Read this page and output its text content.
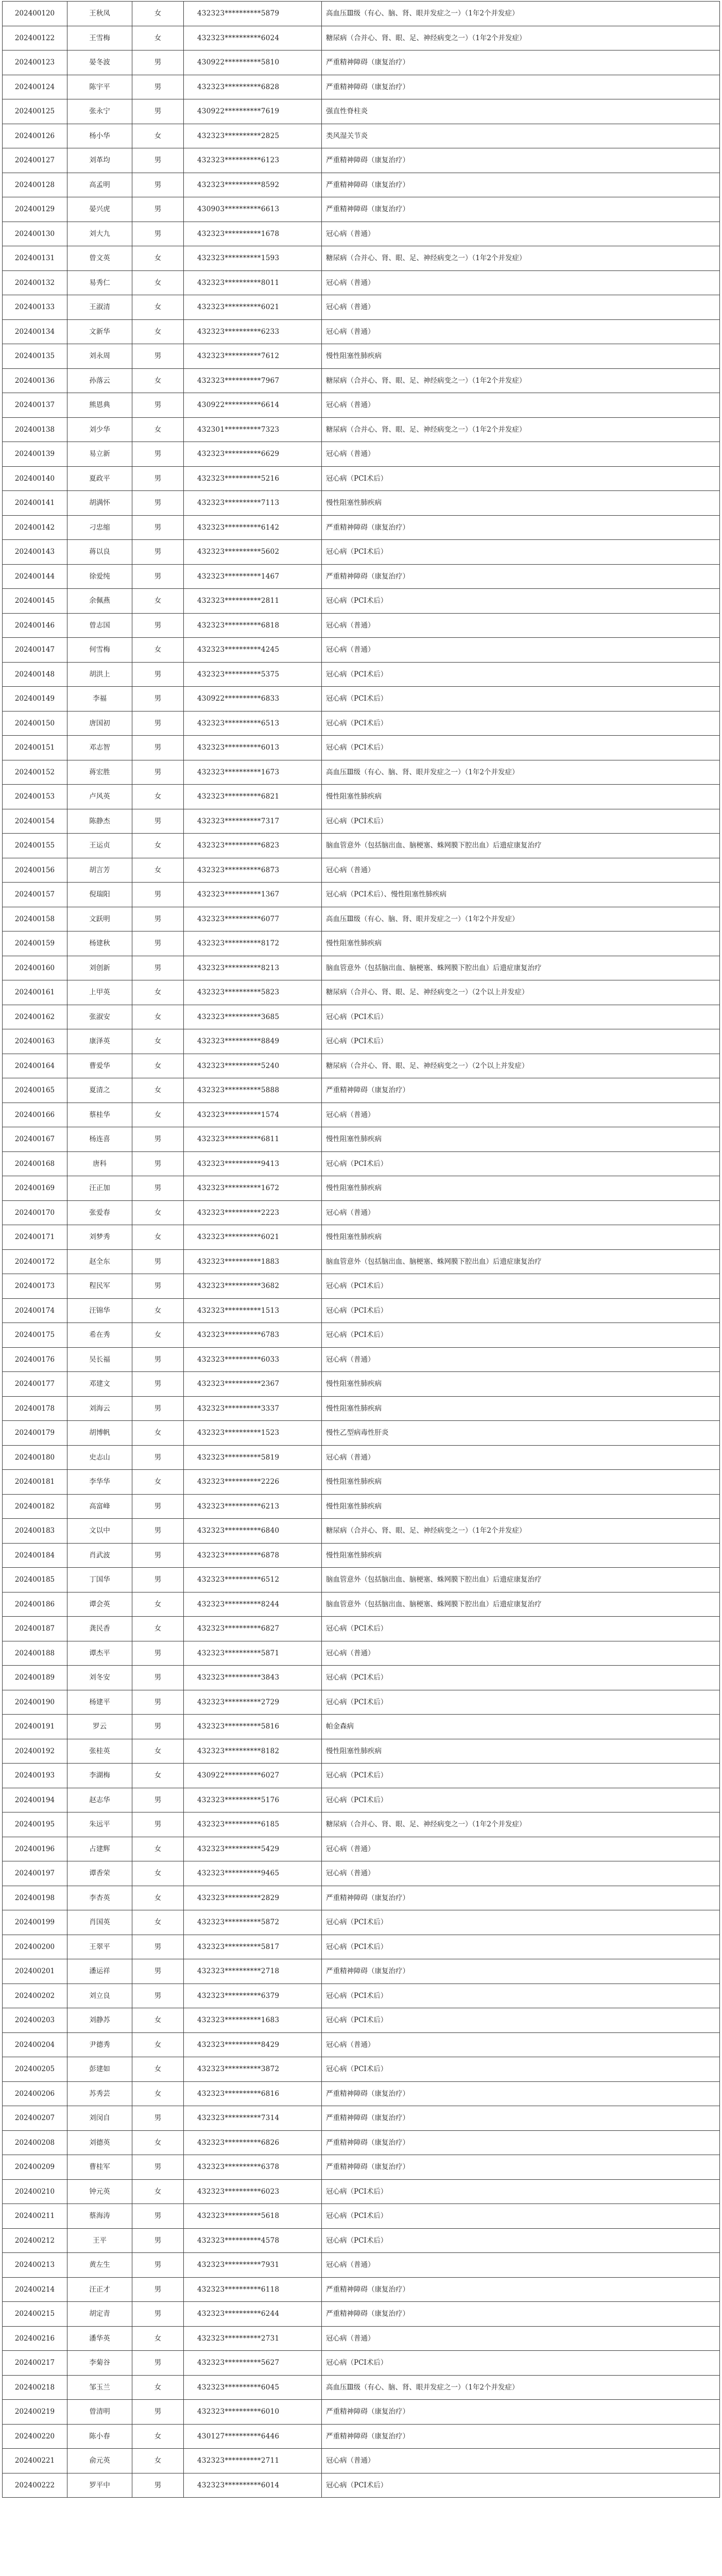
202400120	王秋凤	女	432323**********5879	高血压Ⅲ级（有心、脑、肾、眼并发症之一）（1年2个并发症）
202400122	王雪梅	女	432323**********6024	糖尿病（合并心、肾、眼、足、神经病变之一）（1年2个并发症）
202400123	晏冬波	男	430922**********5810	严重精神障碍（康复治疗）
202400124	陈宇平	男	432323**********6828	严重精神障碍（康复治疗）
202400125	张永宁	男	430922**********7619	强直性脊柱炎
202400126	杨小华	女	432323**********2825	类风湿关节炎
202400127	刘革均	男	432323**********6123	严重精神障碍（康复治疗）
202400128	高孟明	男	432323**********8592	严重精神障碍（康复治疗）
202400129	晏兴虎	男	430903**********6613	严重精神障碍（康复治疗）
202400130	刘大九	男	432323**********1678	冠心病（普通）
202400131	曾文英	女	432323**********1593	糖尿病（合并心、肾、眼、足、神经病变之一）（1年2个并发症）
202400132	易秀仁	女	432323**********8011	冠心病（普通）
202400133	王淑清	女	432323**********6021	冠心病（普通）
202400134	文新华	女	432323**********6233	冠心病（普通）
202400135	刘永周	男	432323**********7612	慢性阻塞性肺疾病
202400136	孙落云	女	432323**********7967	糖尿病（合并心、肾、眼、足、神经病变之一）（1年2个并发症）
202400137	熊恩典	男	430922**********6614	冠心病（普通）
202400138	刘少华	女	432301**********7323	糖尿病（合并心、肾、眼、足、神经病变之一）（1年2个并发症）
202400139	易立新	男	432323**********6629	冠心病（普通）
202400140	夏政平	男	432323**********5216	冠心病（PCI术后）
202400141	胡满怀	男	432323**********7113	慢性阻塞性肺疾病
202400142	刁忠缩	男	432323**********6142	严重精神障碍（康复治疗）
202400143	蒋以良	男	432323**********5602	冠心病（PCI术后）
202400144	徐爱纯	男	432323**********1467	严重精神障碍（康复治疗）
202400145	余佩燕	女	432323**********2811	冠心病（PCI术后）
202400146	曾志国	男	432323**********6818	冠心病（普通）
202400147	何雪梅	女	432323**********4245	冠心病（普通）
202400148	胡洪上	男	432323**********5375	冠心病（PCI术后）
202400149	李福	男	430922**********6833	冠心病（PCI术后）
202400150	唐国初	男	432323**********6513	冠心病（PCI术后）
202400151	邓志智	男	432323**********6013	冠心病（PCI术后）
202400152	蒋宏胜	男	432323**********1673	高血压Ⅲ级（有心、脑、肾、眼并发症之一）（1年2个并发症）
202400153	卢风英	女	432323**********6821	慢性阻塞性肺疾病
202400154	陈静杰	男	432323**********7317	冠心病（PCI术后）
202400155	王运贞	女	432323**********6823	脑血管意外（包括脑出血、脑梗塞、蛛网膜下腔出血）后遗症康复治疗
202400156	胡言芳	女	432323**********6873	冠心病（普通）
202400157	倪瑞阳	男	432323**********1367	冠心病（PCI术后）、慢性阻塞性肺疾病
202400158	文跃明	男	432323**********6077	高血压Ⅲ级（有心、脑、肾、眼并发症之一）（1年2个并发症）
202400159	杨建秋	男	432323**********8172	慢性阻塞性肺疾病
202400160	刘创新	男	432323**********8213	脑血管意外（包括脑出血、脑梗塞、蛛网膜下腔出血）后遗症康复治疗
202400161	上甲英	女	432323**********5823	糖尿病（合并心、肾、眼、足、神经病变之一）（2个以上并发症）
202400162	张淑安	女	432323**********3685	冠心病（PCI术后）
202400163	康泽英	女	432323**********8849	冠心病（PCI术后）
202400164	曹爱华	女	432323**********5240	糖尿病（合并心、肾、眼、足、神经病变之一）（2个以上并发症）
202400165	夏清之	女	432323**********5888	严重精神障碍（康复治疗）
202400166	蔡桂华	女	432323**********1574	冠心病（普通）
202400167	杨连喜	男	432323**********6811	慢性阻塞性肺疾病
202400168	唐科	男	432323**********9413	冠心病（PCI术后）
202400169	汪正加	男	432323**********1672	慢性阻塞性肺疾病
202400170	张爱春	女	432323**********2223	冠心病（普通）
202400171	刘梦秀	女	432323**********6021	慢性阻塞性肺疾病
202400172	赵全东	男	432323**********1883	脑血管意外（包括脑出血、脑梗塞、蛛网膜下腔出血）后遗症康复治疗
202400173	程民军	男	432323**********3682	冠心病（PCI术后）
202400174	汪锦华	女	432323**********1513	冠心病（PCI术后）
202400175	希在秀	女	432323**********6783	冠心病（PCI术后）
202400176	吴长福	男	432323**********6033	冠心病（普通）
202400177	邓建文	男	432323**********2367	慢性阻塞性肺疾病
202400178	刘海云	男	432323**********3337	慢性阻塞性肺疾病
202400179	胡博帆	女	432323**********1523	慢性乙型病毒性肝炎
202400180	史志山	男	432323**********5819	冠心病（普通）
202400181	李华华	女	432323**********2226	慢性阻塞性肺疾病
202400182	高富峰	男	432323**********6213	慢性阻塞性肺疾病
202400183	文以中	男	432323**********6840	糖尿病（合并心、肾、眼、足、神经病变之一）（1年2个并发症）
202400184	肖武波	男	432323**********6878	慢性阻塞性肺疾病
202400185	丁国华	男	432323**********6512	脑血管意外（包括脑出血、脑梗塞、蛛网膜下腔出血）后遗症康复治疗
202400186	谭会英	女	432323**********8244	脑血管意外（包括脑出血、脑梗塞、蛛网膜下腔出血）后遗症康复治疗
202400187	龚民香	女	432323**********6827	冠心病（PCI术后）
202400188	谭杰平	男	432323**********5871	冠心病（普通）
202400189	刘冬安	男	432323**********3843	冠心病（PCI术后）
202400190	杨建平	男	432323**********2729	冠心病（PCI术后）
202400191	罗云	男	432323**********5816	帕金森病
202400192	张桂英	女	432323**********8182	慢性阻塞性肺疾病
202400193	李湖梅	女	430922**********6027	冠心病（PCI术后）
202400194	赵志华	男	432323**********5176	冠心病（PCI术后）
202400195	朱远平	男	432323**********6185	糖尿病（合并心、肾、眼、足、神经病变之一）（1年2个并发症）
202400196	占建辉	女	432323**********5429	冠心病（普通）
202400197	谭香荣	女	432323**********9465	冠心病（普通）
202400198	李杏英	女	432323**********2829	严重精神障碍（康复治疗）
202400199	肖国英	女	432323**********5872	冠心病（PCI术后）
202400200	王翠平	男	432323**********5817	冠心病（PCI术后）
202400201	潘运祥	男	432323**********2718	严重精神障碍（康复治疗）
202400202	刘立良	男	432323**********6379	冠心病（PCI术后）
202400203	刘静苏	女	432323**********1683	冠心病（PCI术后）
202400204	尹德秀	女	432323**********8429	冠心病（普通）
202400205	彭建如	女	432323**********3872	冠心病（PCI术后）
202400206	苏秀芸	女	432323**********6816	严重精神障碍（康复治疗）
202400207	刘闵自	男	432323**********7314	严重精神障碍（康复治疗）
202400208	刘德英	女	432323**********6826	严重精神障碍（康复治疗）
202400209	曹桂军	男	432323**********6378	严重精神障碍（康复治疗）
202400210	钟元英	女	432323**********6023	冠心病（PCI术后）
202400211	蔡海涛	男	432323**********5618	冠心病（PCI术后）
202400212	王平	男	432323**********4578	冠心病（PCI术后）
202400213	黄左生	男	432323**********7931	冠心病（普通）
202400214	汪正才	男	432323**********6118	严重精神障碍（康复治疗）
202400215	胡定青	男	432323**********6244	严重精神障碍（康复治疗）
202400216	潘华英	女	432323**********2731	冠心病（普通）
202400217	李菊谷	男	432323**********5627	冠心病（PCI术后）
202400218	邹玉兰	女	432323**********6045	高血压Ⅲ级（有心、脑、肾、眼并发症之一）（1年2个并发症）
202400219	曾清明	男	432323**********6010	严重精神障碍（康复治疗）
202400220	陈小春	女	430127**********6446	严重精神障碍（康复治疗）
202400221	俞元英	女	432323**********2711	冠心病（普通）
202400222	罗平中	男	432323**********6014	冠心病（PCI术后）
